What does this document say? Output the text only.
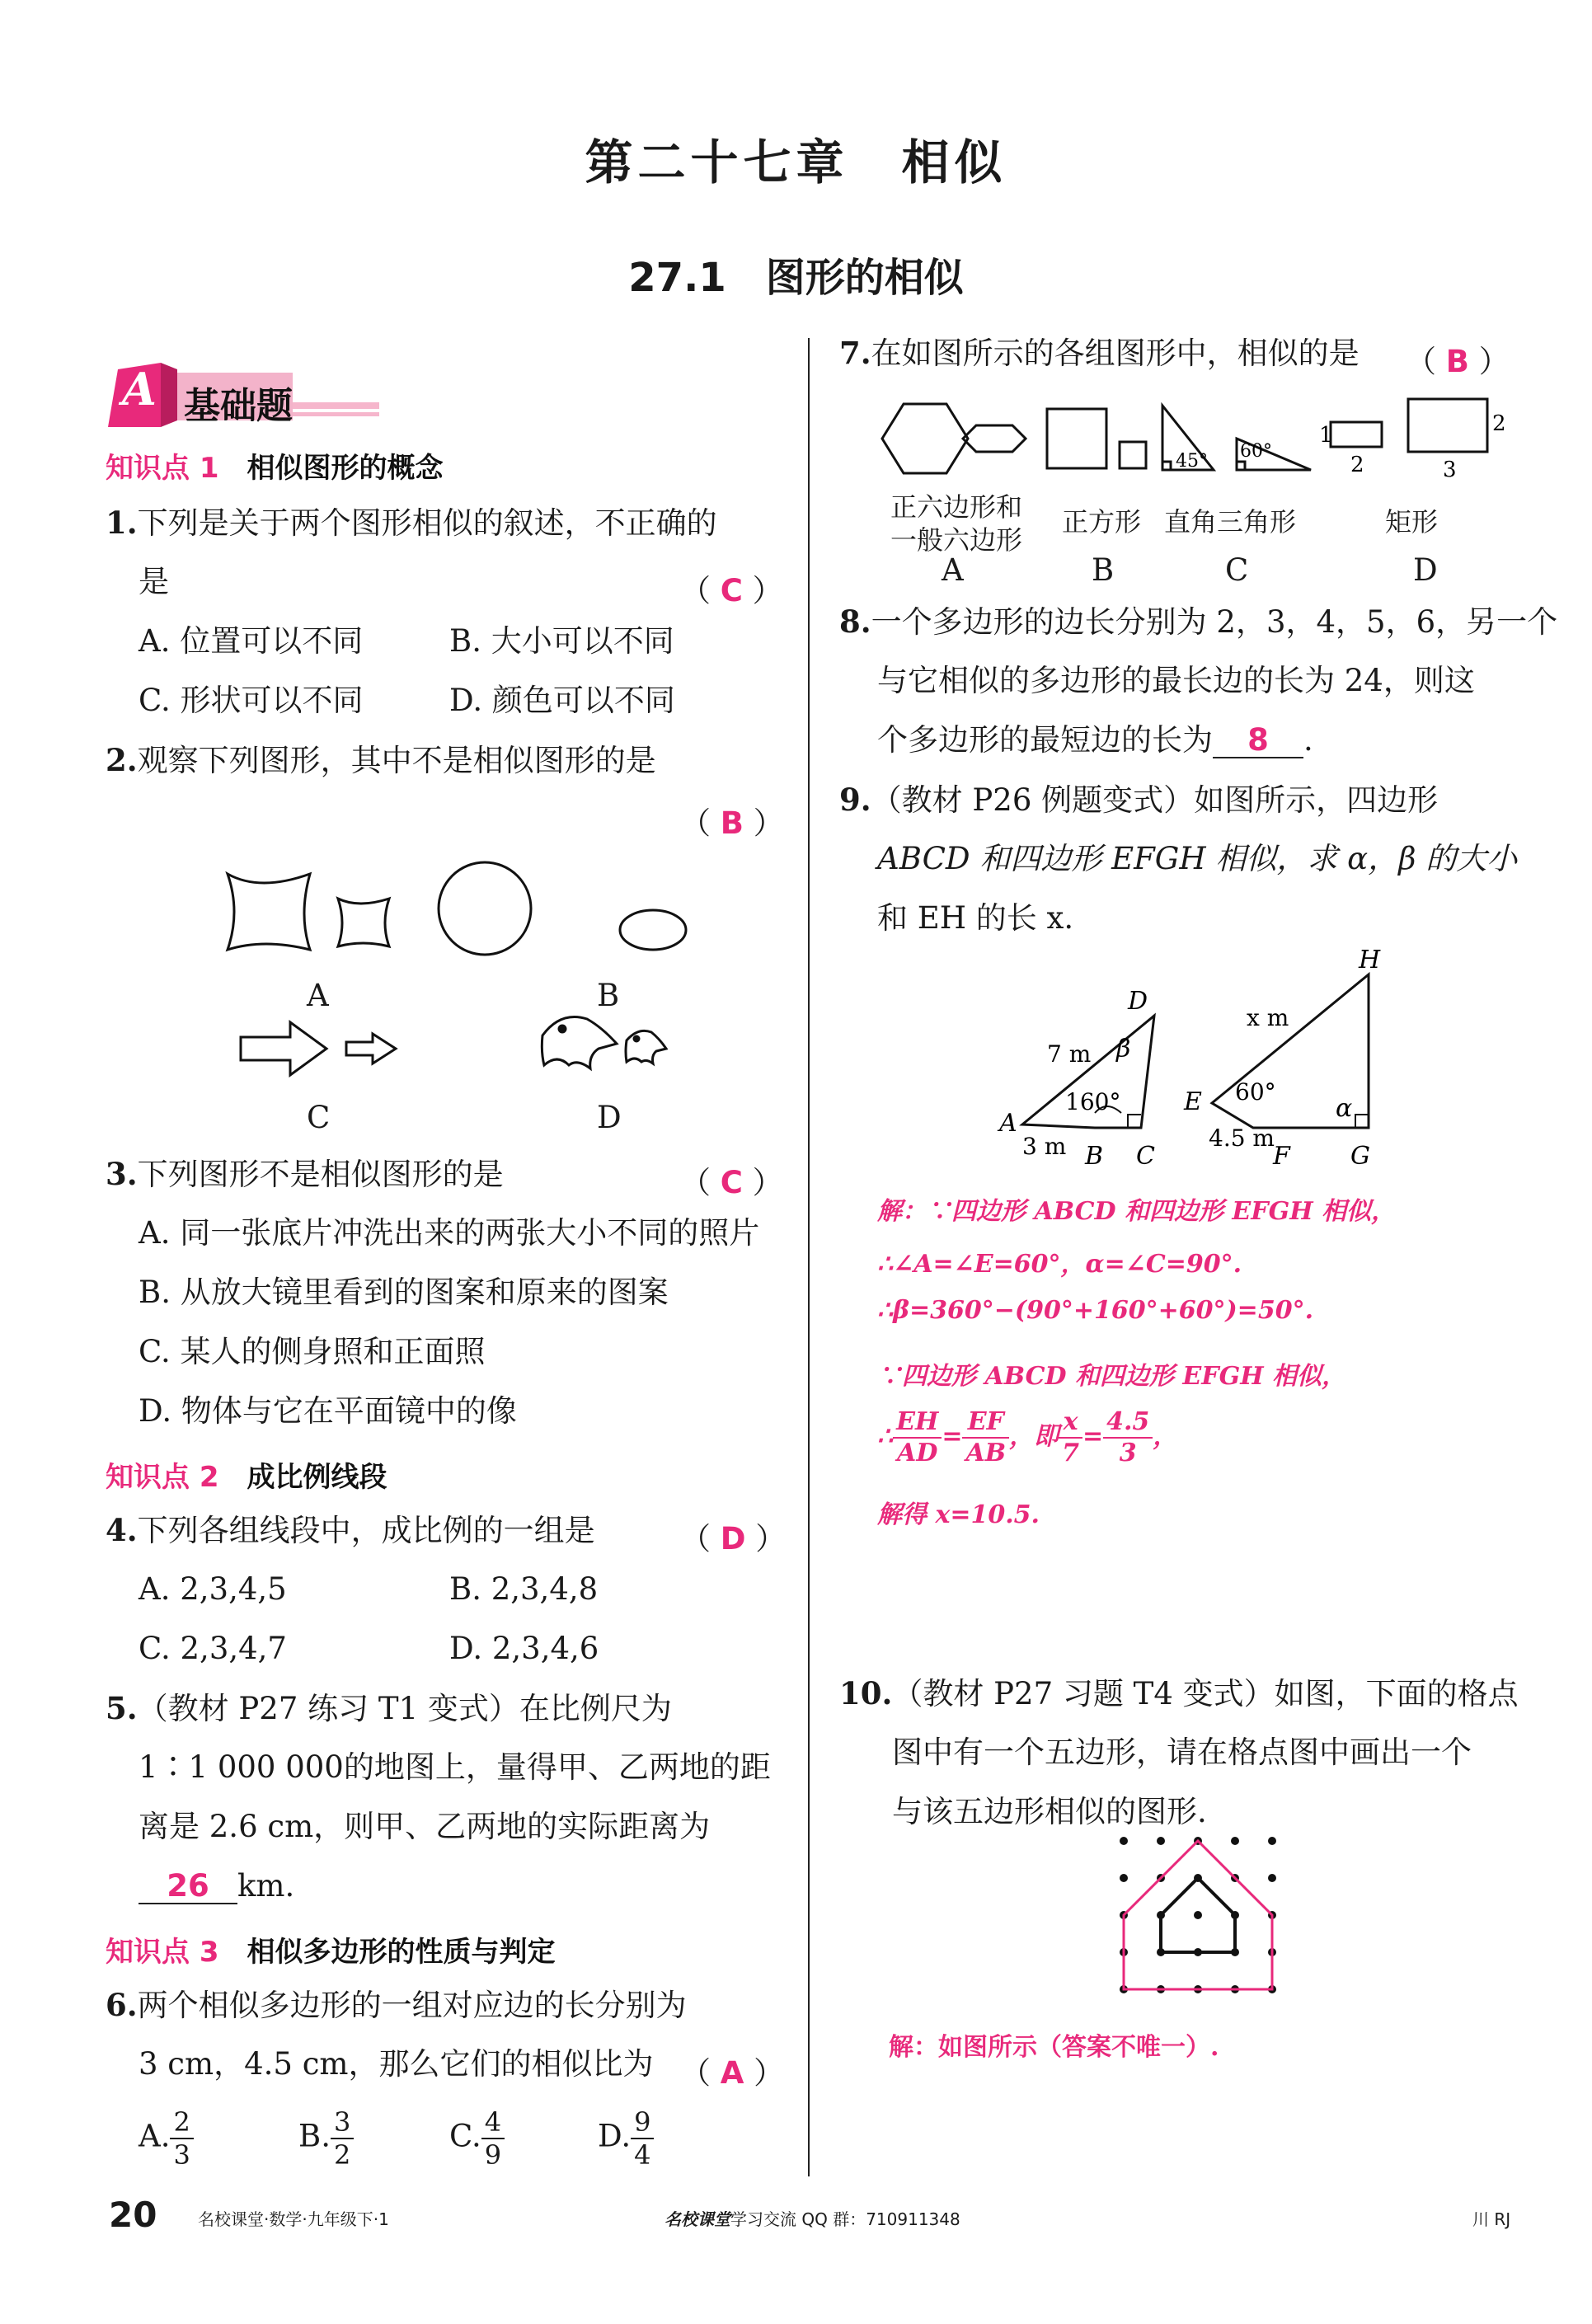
第二十七章　相似
27.1　图形的相似
A 基础题
知识点 1 相似图形的概念
1.下列是关于两个图形相似的叙述，不正确的
是	（ C ）
A. 位置可以不同	B. 大小可以不同
C. 形状可以不同	D. 颜色可以不同
2.观察下列图形，其中不是相似图形的是
（ B ）
A	B
C	D
3.下列图形不是相似图形的是	（ C ）
A. 同一张底片冲洗出来的两张大小不同的照片
B. 从放大镜里看到的图案和原来的图案
C. 某人的侧身照和正面照
D. 物体与它在平面镜中的像
知识点 2 成比例线段
4.下列各组线段中，成比例的一组是	（ D ）
A. 2,3,4,5	B. 2,3,4,8
C. 2,3,4,7	D. 2,3,4,6
5.（教材 P27 练习 T1 变式）在比例尺为
1∶1 000 000的地图上，量得甲、乙两地的距
离是 2.6 cm，则甲、乙两地的实际距离为
26 km.
知识点 3 相似多边形的性质与判定
6.两个相似多边形的一组对应边的长分别为
3 cm，4.5 cm，那么它们的相似比为 （ A ）
A. $\frac{2}{3}$	B. $\frac{3}{2}$	C. $\frac{4}{9}$	D. $\frac{9}{4}$
7.在如图所示的各组图形中，相似的是 （ B ）
45° 60°
1
2
2
3
正六边形和
一般六边形
正方形 直角三角形	矩形
A	B	C	D
8.一个多边形的边长分别为 2，3，4，5，6，另一个
与它相似的多边形的最长边的长为 24，则这
个多边形的最短边的长为 8 .
9.（教材 P26 例题变式）如图所示，四边形
ABCD 和四边形 EFGH 相似，求 α，β 的大小
和 EH 的长 x.
A
B C
D
E
F G
H
β
α
7 m
3 m
160°
x m
4.5 m
60°
解：∵四边形 ABCD 和四边形 EFGH 相似，
∴∠A=∠E=60°，α=∠C=90°.
∴β=360°−(90°+160°+60°)=50°.
∵四边形 ABCD 和四边形 EFGH 相似，
∴ $\frac{EH}{AD} = \frac{EF}{AB}$ ，即 $\frac{x}{7} = \frac{4.5}{3}$ ，
解得 x=10.5.
10.（教材 P27 习题 T4 变式）如图，下面的格点
图中有一个五边形，请在格点图中画出一个
与该五边形相似的图形.
解：如图所示（答案不唯一）.
20 名校课堂·数学·九年级下·1	名校课堂学习交流 QQ 群：710911348	川 RJ
